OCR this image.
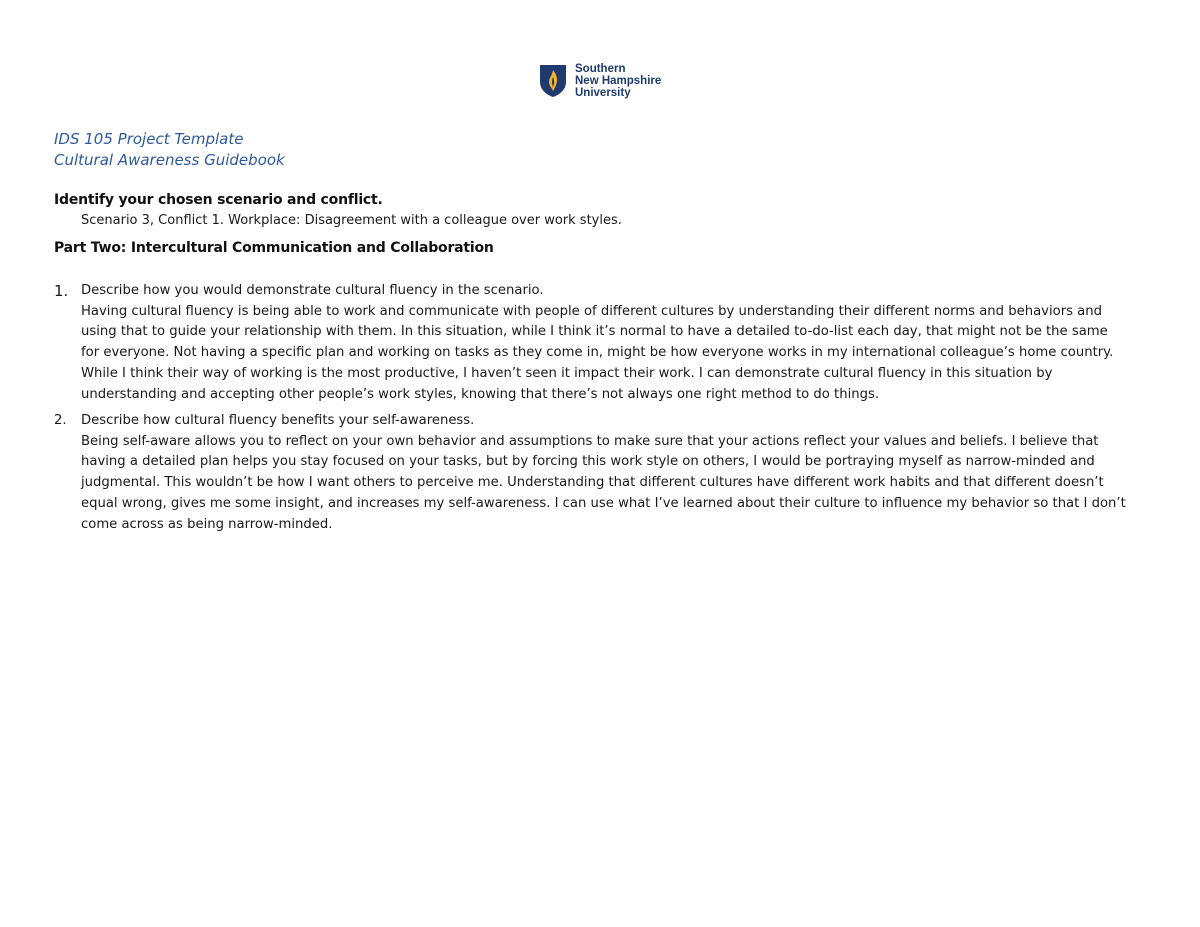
Southern
New Hampshire
University
IDS 105 Project Template
Cultural Awareness Guidebook
Identify your chosen scenario and conflict.
Scenario 3, Conflict 1. Workplace: Disagreement with a colleague over work styles.
Part Two: Intercultural Communication and Collaboration
1. Describe how you would demonstrate cultural fluency in the scenario.
Having cultural fluency is being able to work and communicate with people of different cultures by understanding their different norms and behaviors and
using that to guide your relationship with them. In this situation, while I think it’s normal to have a detailed to-do-list each day, that might not be the same
for everyone. Not having a specific plan and working on tasks as they come in, might be how everyone works in my international colleague’s home country.
While I think their way of working is the most productive, I haven’t seen it impact their work. I can demonstrate cultural fluency in this situation by
understanding and accepting other people’s work styles, knowing that there’s not always one right method to do things.
2.	Describe how cultural fluency benefits your self-awareness.
Being self-aware allows you to reflect on your own behavior and assumptions to make sure that your actions reflect your values and beliefs. I believe that
having a detailed plan helps you stay focused on your tasks, but by forcing this work style on others, I would be portraying myself as narrow-minded and
judgmental. This wouldn’t be how I want others to perceive me. Understanding that different cultures have different work habits and that different doesn’t
equal wrong, gives me some insight, and increases my self-awareness. I can use what I’ve learned about their culture to influence my behavior so that I don’t
come across as being narrow-minded.
